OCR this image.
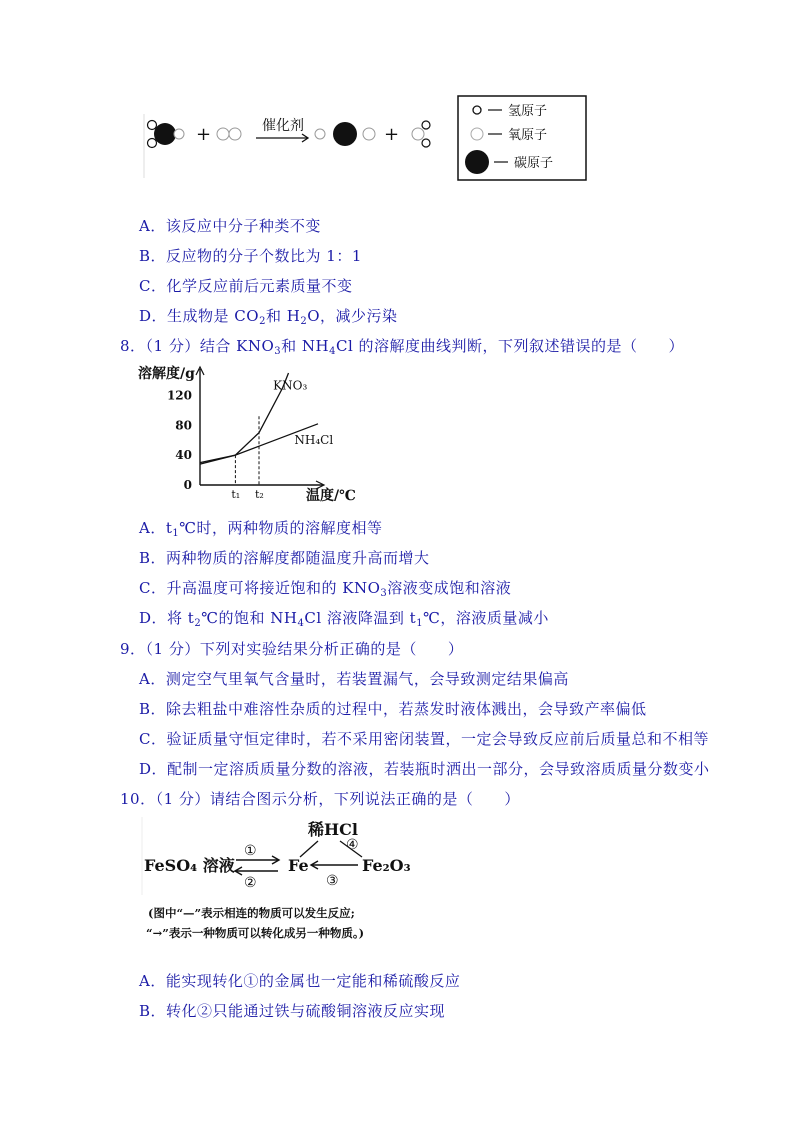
+	催化剂	+
氢原子
氧原子
碳原子
A．该反应中分子种类不变
B．反应物的分子个数比为 1：1
C．化学反应前后元素质量不变
D．生成物是 $CO_2$和 $H_2O$，减少污染
8．（1 分）结合 $KNO_3$和 $NH_4Cl$ 的溶解度曲线判断，下列叙述错误的是（　　）
溶解度/g
温度/℃
0
40
80
120
KNO₃
NH₄Cl
t₁ t₂
A．$t_1℃$时，两种物质的溶解度相等
B．两种物质的溶解度都随温度升高而增大
C．升高温度可将接近饱和的 $KNO_3$溶液变成饱和溶液
D．将 $t_2℃$的饱和 $NH_4Cl$ 溶液降温到 $t_1℃$，溶液质量减小
9．（1 分）下列对实验结果分析正确的是（　　）
A．测定空气里氧气含量时，若装置漏气，会导致测定结果偏高
B．除去粗盐中难溶性杂质的过程中，若蒸发时液体溅出，会导致产率偏低
C．验证质量守恒定律时，若不采用密闭装置，一定会导致反应前后质量总和不相等
D．配制一定溶质质量分数的溶液，若装瓶时洒出一部分，会导致溶质质量分数变小
10．（1 分）请结合图示分析，下列说法正确的是（　　）
稀HCl
FeSO₄ 溶液	Fe	Fe₂O₃
④
①
②	③
(图中“—”表示相连的物质可以发生反应;
“→”表示一种物质可以转化成另一种物质。)
A．能实现转化①的金属也一定能和稀硫酸反应
B．转化②只能通过铁与硫酸铜溶液反应实现
